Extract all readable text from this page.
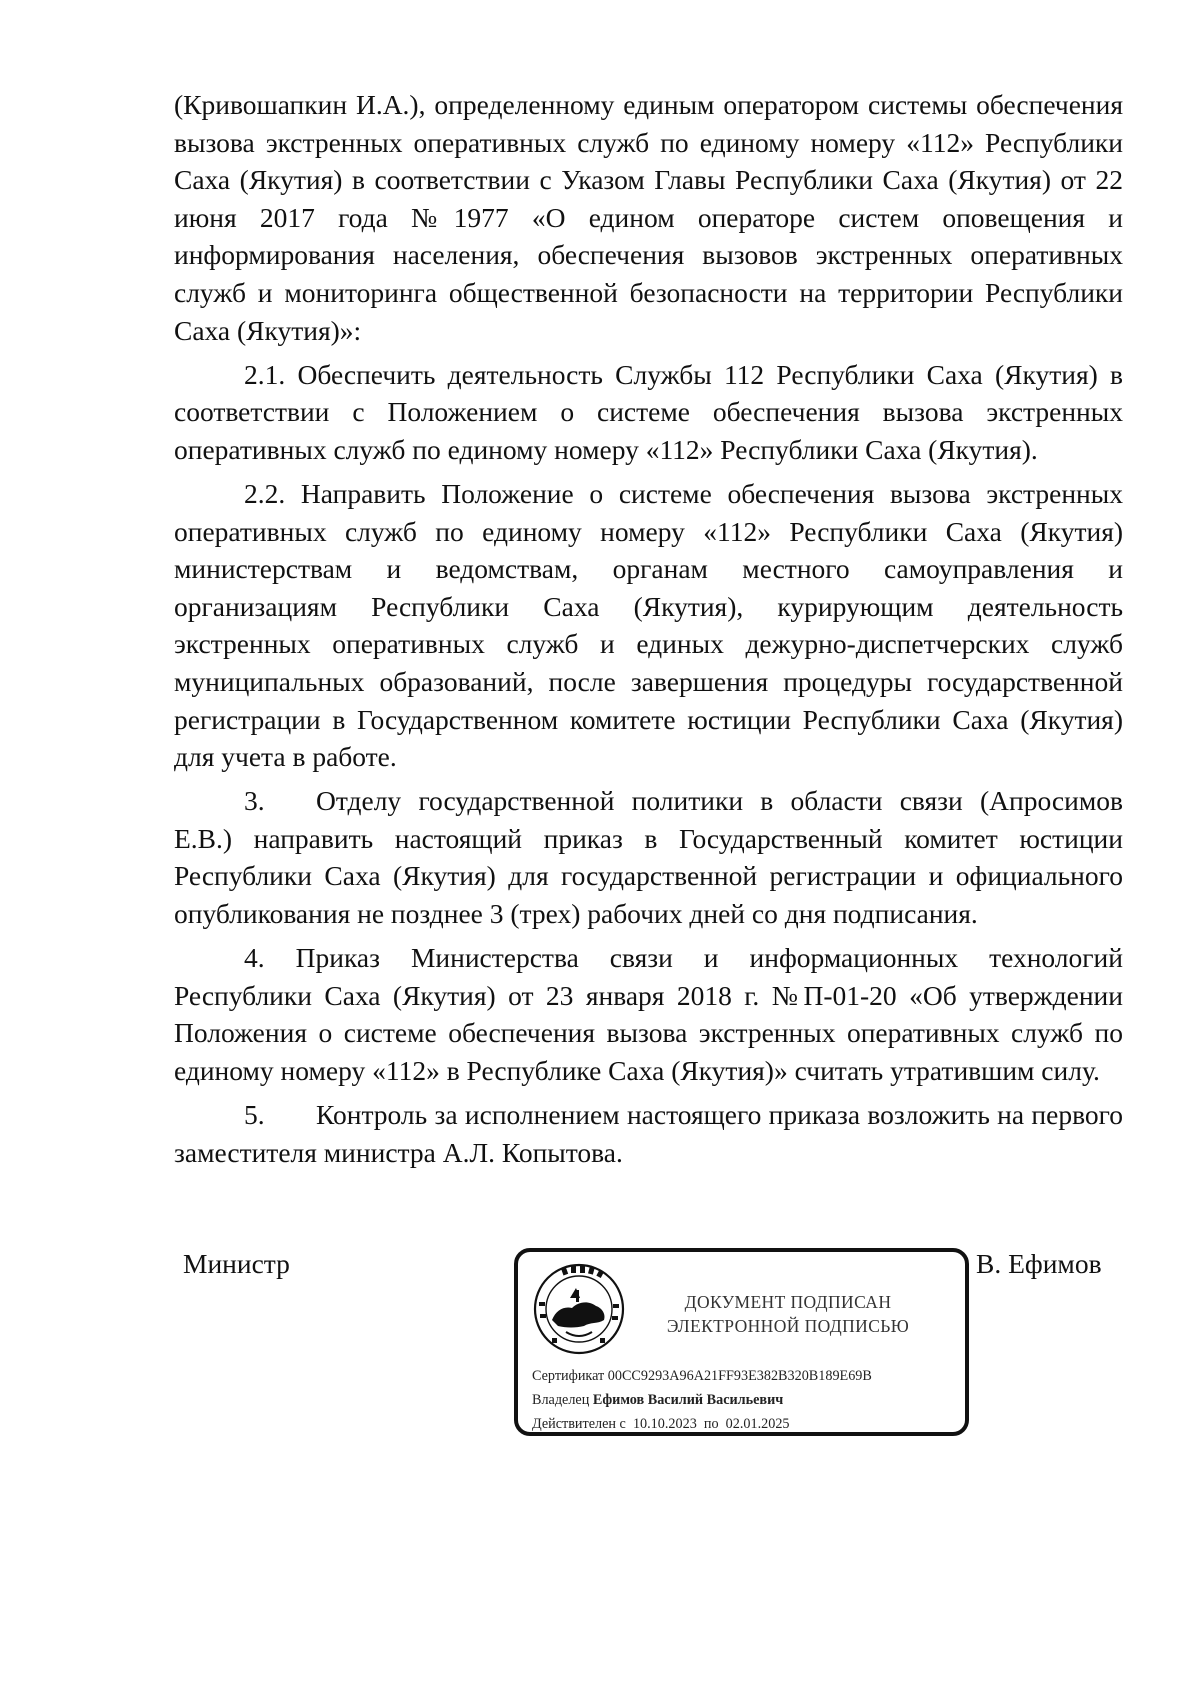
(Кривошапкин И.А.), определенному единым оператором системы обеспечения вызова экстренных оперативных служб по единому номеру «112» Республики Саха (Якутия) в соответствии с Указом Главы Республики Саха (Якутия) от 22 июня 2017 года №1977 «О едином операторе систем оповещения и информирования населения, обеспечения вызовов экстренных оперативных служб и мониторинга общественной безопасности на территории Республики Саха (Якутия)»:

2.1. Обеспечить деятельность Службы 112 Республики Саха (Якутия) в соответствии с Положением о системе обеспечения вызова экстренных оперативных служб по единому номеру «112» Республики Саха (Якутия).

2.2. Направить Положение о системе обеспечения вызова экстренных оперативных служб по единому номеру «112» Республики Саха (Якутия) министерствам и ведомствам, органам местного самоуправления и организациям Республики Саха (Якутия), курирующим деятельность экстренных оперативных служб и единых дежурно-диспетчерских служб муниципальных образований, после завершения процедуры государственной регистрации в Государственном комитете юстиции Республики Саха (Якутия) для учета в работе.

3. Отделу государственной политики в области связи (Апросимов Е.В.) направить настоящий приказ в Государственный комитет юстиции Республики Саха (Якутия) для государственной регистрации и официального опубликования не позднее 3 (трех) рабочих дней со дня подписания.

4. Приказ Министерства связи и информационных технологий Республики Саха (Якутия) от 23 января 2018 г. №П-01-20 «Об утверждении Положения о системе обеспечения вызова экстренных оперативных служб по единому номеру «112» в Республике Саха (Якутия)» считать утратившим силу.

5. Контроль за исполнением настоящего приказа возложить на первого заместителя министра А.Л. Копытова.

Министр	В. Ефимов
ДОКУМЕНТ ПОДПИСАН
ЭЛЕКТРОННОЙ ПОДПИСЬЮ
Сертификат 00CC9293A96A21FF93E382B320B189E69B
Владелец Ефимов Василий Васильевич
Действителен с 10.10.2023 по 02.01.2025
